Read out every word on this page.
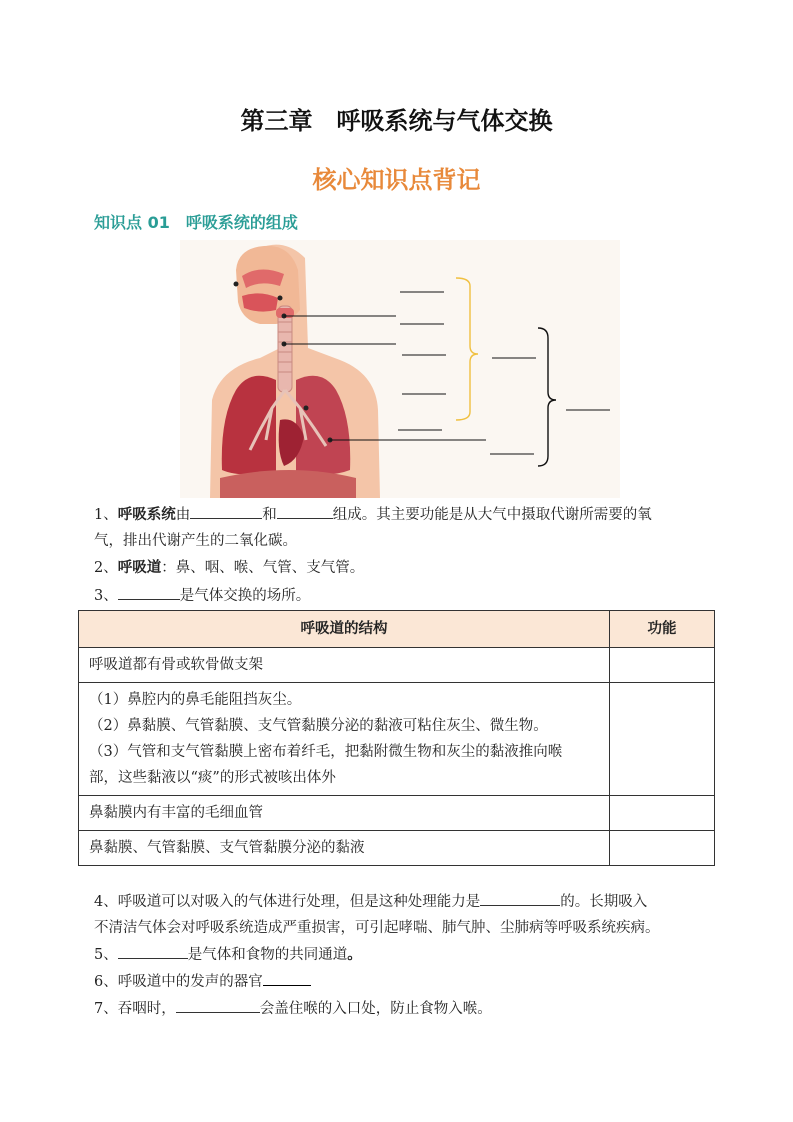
第三章　呼吸系统与气体交换
核心知识点背记
知识点 01 呼吸系统的组成
1、呼吸系统由	和	组成。其主要功能是从大气中摄取代谢所需要的氧
气，排出代谢产生的二氧化碳。
2、呼吸道：鼻、咽、喉、气管、支气管。
3、	是气体交换的场所。
呼吸道的结构	功能

呼吸道都有骨或软骨做支架	

（1）鼻腔内的鼻毛能阻挡灰尘。
（2）鼻黏膜、气管黏膜、支气管黏膜分泌的黏液可粘住灰尘、微生物。
（3）气管和支气管黏膜上密布着纤毛，把黏附微生物和灰尘的黏液推向喉
部，这些黏液以“痰”的形式被咳出体外	

鼻黏膜内有丰富的毛细血管	

鼻黏膜、气管黏膜、支气管黏膜分泌的黏液	

4、呼吸道可以对吸入的气体进行处理，但是这种处理能力是	的。长期吸入
不清洁气体会对呼吸系统造成严重损害，可引起哮喘、肺气肿、尘肺病等呼吸系统疾病。
5、	是气体和食物的共同通道。
6、呼吸道中的发声的器官
7、吞咽时，	会盖住喉的入口处，防止食物入喉。
